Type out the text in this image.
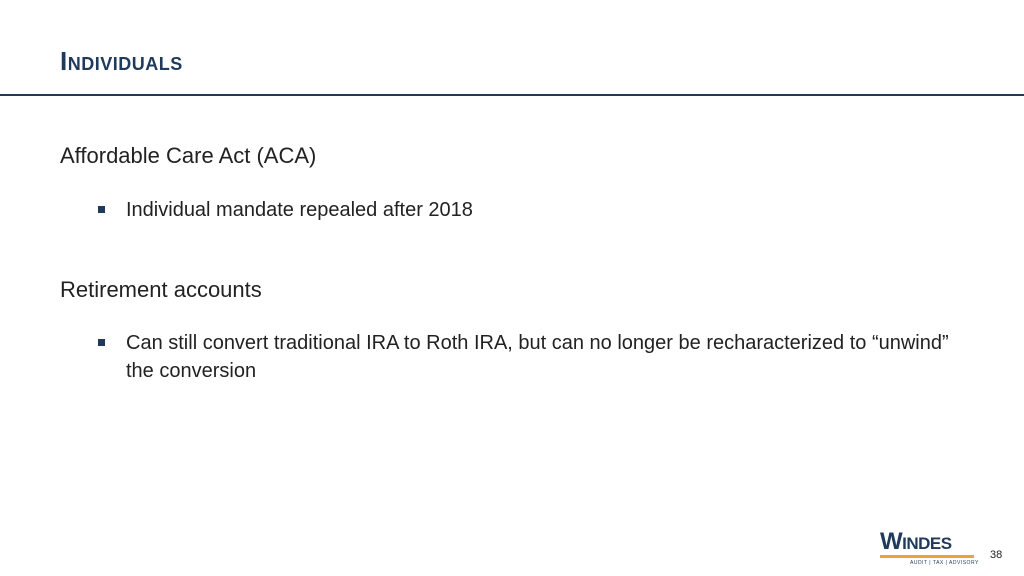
Individuals
Affordable Care Act (ACA)
Individual mandate repealed after 2018
Retirement accounts
Can still convert traditional IRA to Roth IRA, but can no longer be recharacterized to “unwind” the conversion
Windes
AUDIT | TAX | ADVISORY
38
